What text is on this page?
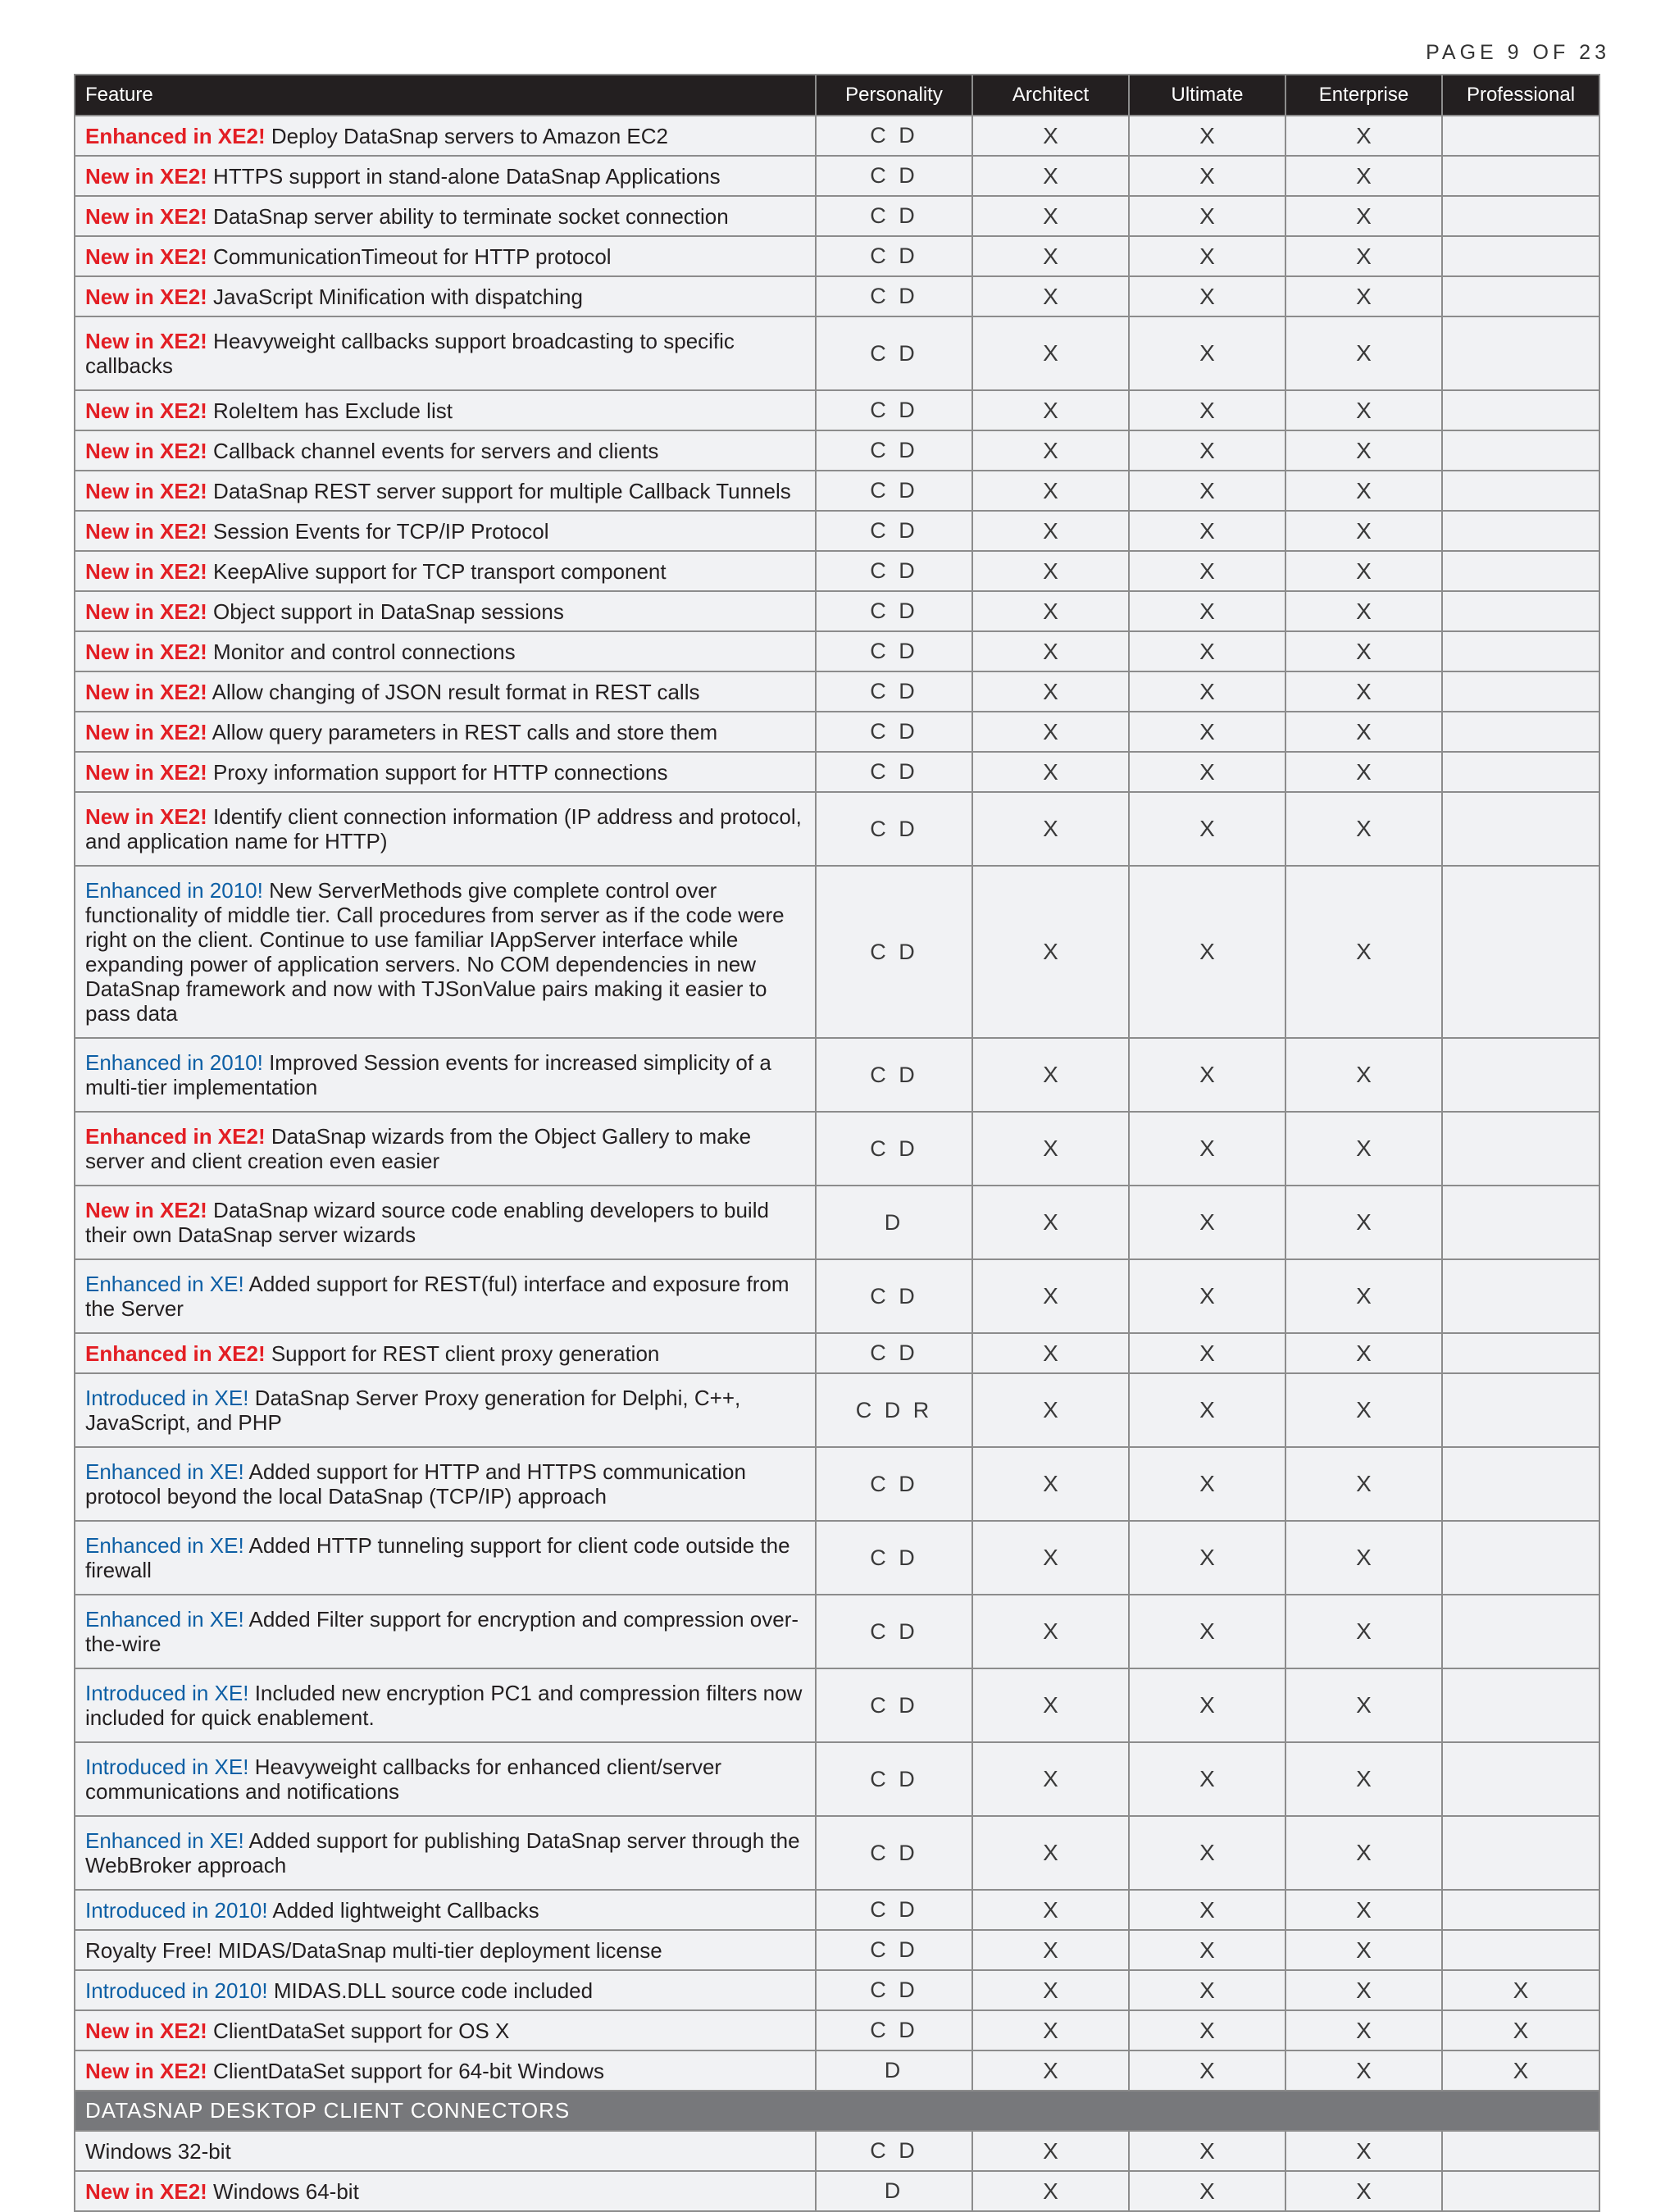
PAGE 9 OF 23
Feature	Personality	Architect	Ultimate	Enterprise	Professional
Enhanced in XE2! Deploy DataSnap servers to Amazon EC2	C D	X	X	X	
New in XE2! HTTPS support in stand-alone DataSnap Applications	C D	X	X	X	
New in XE2! DataSnap server ability to terminate socket connection	C D	X	X	X	
New in XE2! CommunicationTimeout for HTTP protocol	C D	X	X	X	
New in XE2! JavaScript Minification with dispatching	C D	X	X	X	
New in XE2! Heavyweight callbacks support broadcasting to specific callbacks	C D	X	X	X	
New in XE2! RoleItem has Exclude list	C D	X	X	X	
New in XE2! Callback channel events for servers and clients	C D	X	X	X	
New in XE2! DataSnap REST server support for multiple Callback Tunnels	C D	X	X	X	
New in XE2! Session Events for TCP/IP Protocol	C D	X	X	X	
New in XE2! KeepAlive support for TCP transport component	C D	X	X	X	
New in XE2! Object support in DataSnap sessions	C D	X	X	X	
New in XE2! Monitor and control connections	C D	X	X	X	
New in XE2! Allow changing of JSON result format in REST calls	C D	X	X	X	
New in XE2! Allow query parameters in REST calls and store them	C D	X	X	X	
New in XE2! Proxy information support for HTTP connections	C D	X	X	X	
New in XE2! Identify client connection information (IP address and protocol, and application name for HTTP)	C D	X	X	X	
Enhanced in 2010! New ServerMethods give complete control over functionality of middle tier. Call procedures from server as if the code were right on the client. Continue to use familiar IAppServer interface while expanding power of application servers. No COM dependencies in new DataSnap framework and now with TJSonValue pairs making it easier to pass data	C D	X	X	X	
Enhanced in 2010! Improved Session events for increased simplicity of a multi-tier implementation	C D	X	X	X	
Enhanced in XE2! DataSnap wizards from the Object Gallery to make server and client creation even easier	C D	X	X	X	
New in XE2! DataSnap wizard source code enabling developers to build their own DataSnap server wizards	D	X	X	X	
Enhanced in XE! Added support for REST(ful) interface and exposure from the Server	C D	X	X	X	
Enhanced in XE2! Support for REST client proxy generation	C D	X	X	X	
Introduced in XE! DataSnap Server Proxy generation for Delphi, C++, JavaScript, and PHP	C D R	X	X	X	
Enhanced in XE! Added support for HTTP and HTTPS communication protocol beyond the local DataSnap (TCP/IP) approach	C D	X	X	X	
Enhanced in XE! Added HTTP tunneling support for client code outside the firewall	C D	X	X	X	
Enhanced in XE! Added Filter support for encryption and compression over-the-wire	C D	X	X	X	
Introduced in XE! Included new encryption PC1 and compression filters now included for quick enablement.	C D	X	X	X	
Introduced in XE! Heavyweight callbacks for enhanced client/server communications and notifications	C D	X	X	X	
Enhanced in XE! Added support for publishing DataSnap server through the WebBroker approach	C D	X	X	X	
Introduced in 2010! Added lightweight Callbacks	C D	X	X	X	
Royalty Free! MIDAS/DataSnap multi-tier deployment license	C D	X	X	X	
Introduced in 2010! MIDAS.DLL source code included	C D	X	X	X	X
New in XE2! ClientDataSet support for OS X	C D	X	X	X	X
New in XE2! ClientDataSet support for 64-bit Windows	D	X	X	X	X
DATASNAP DESKTOP CLIENT CONNECTORS					
Windows 32-bit	C D	X	X	X	
New in XE2! Windows 64-bit	D	X	X	X	
